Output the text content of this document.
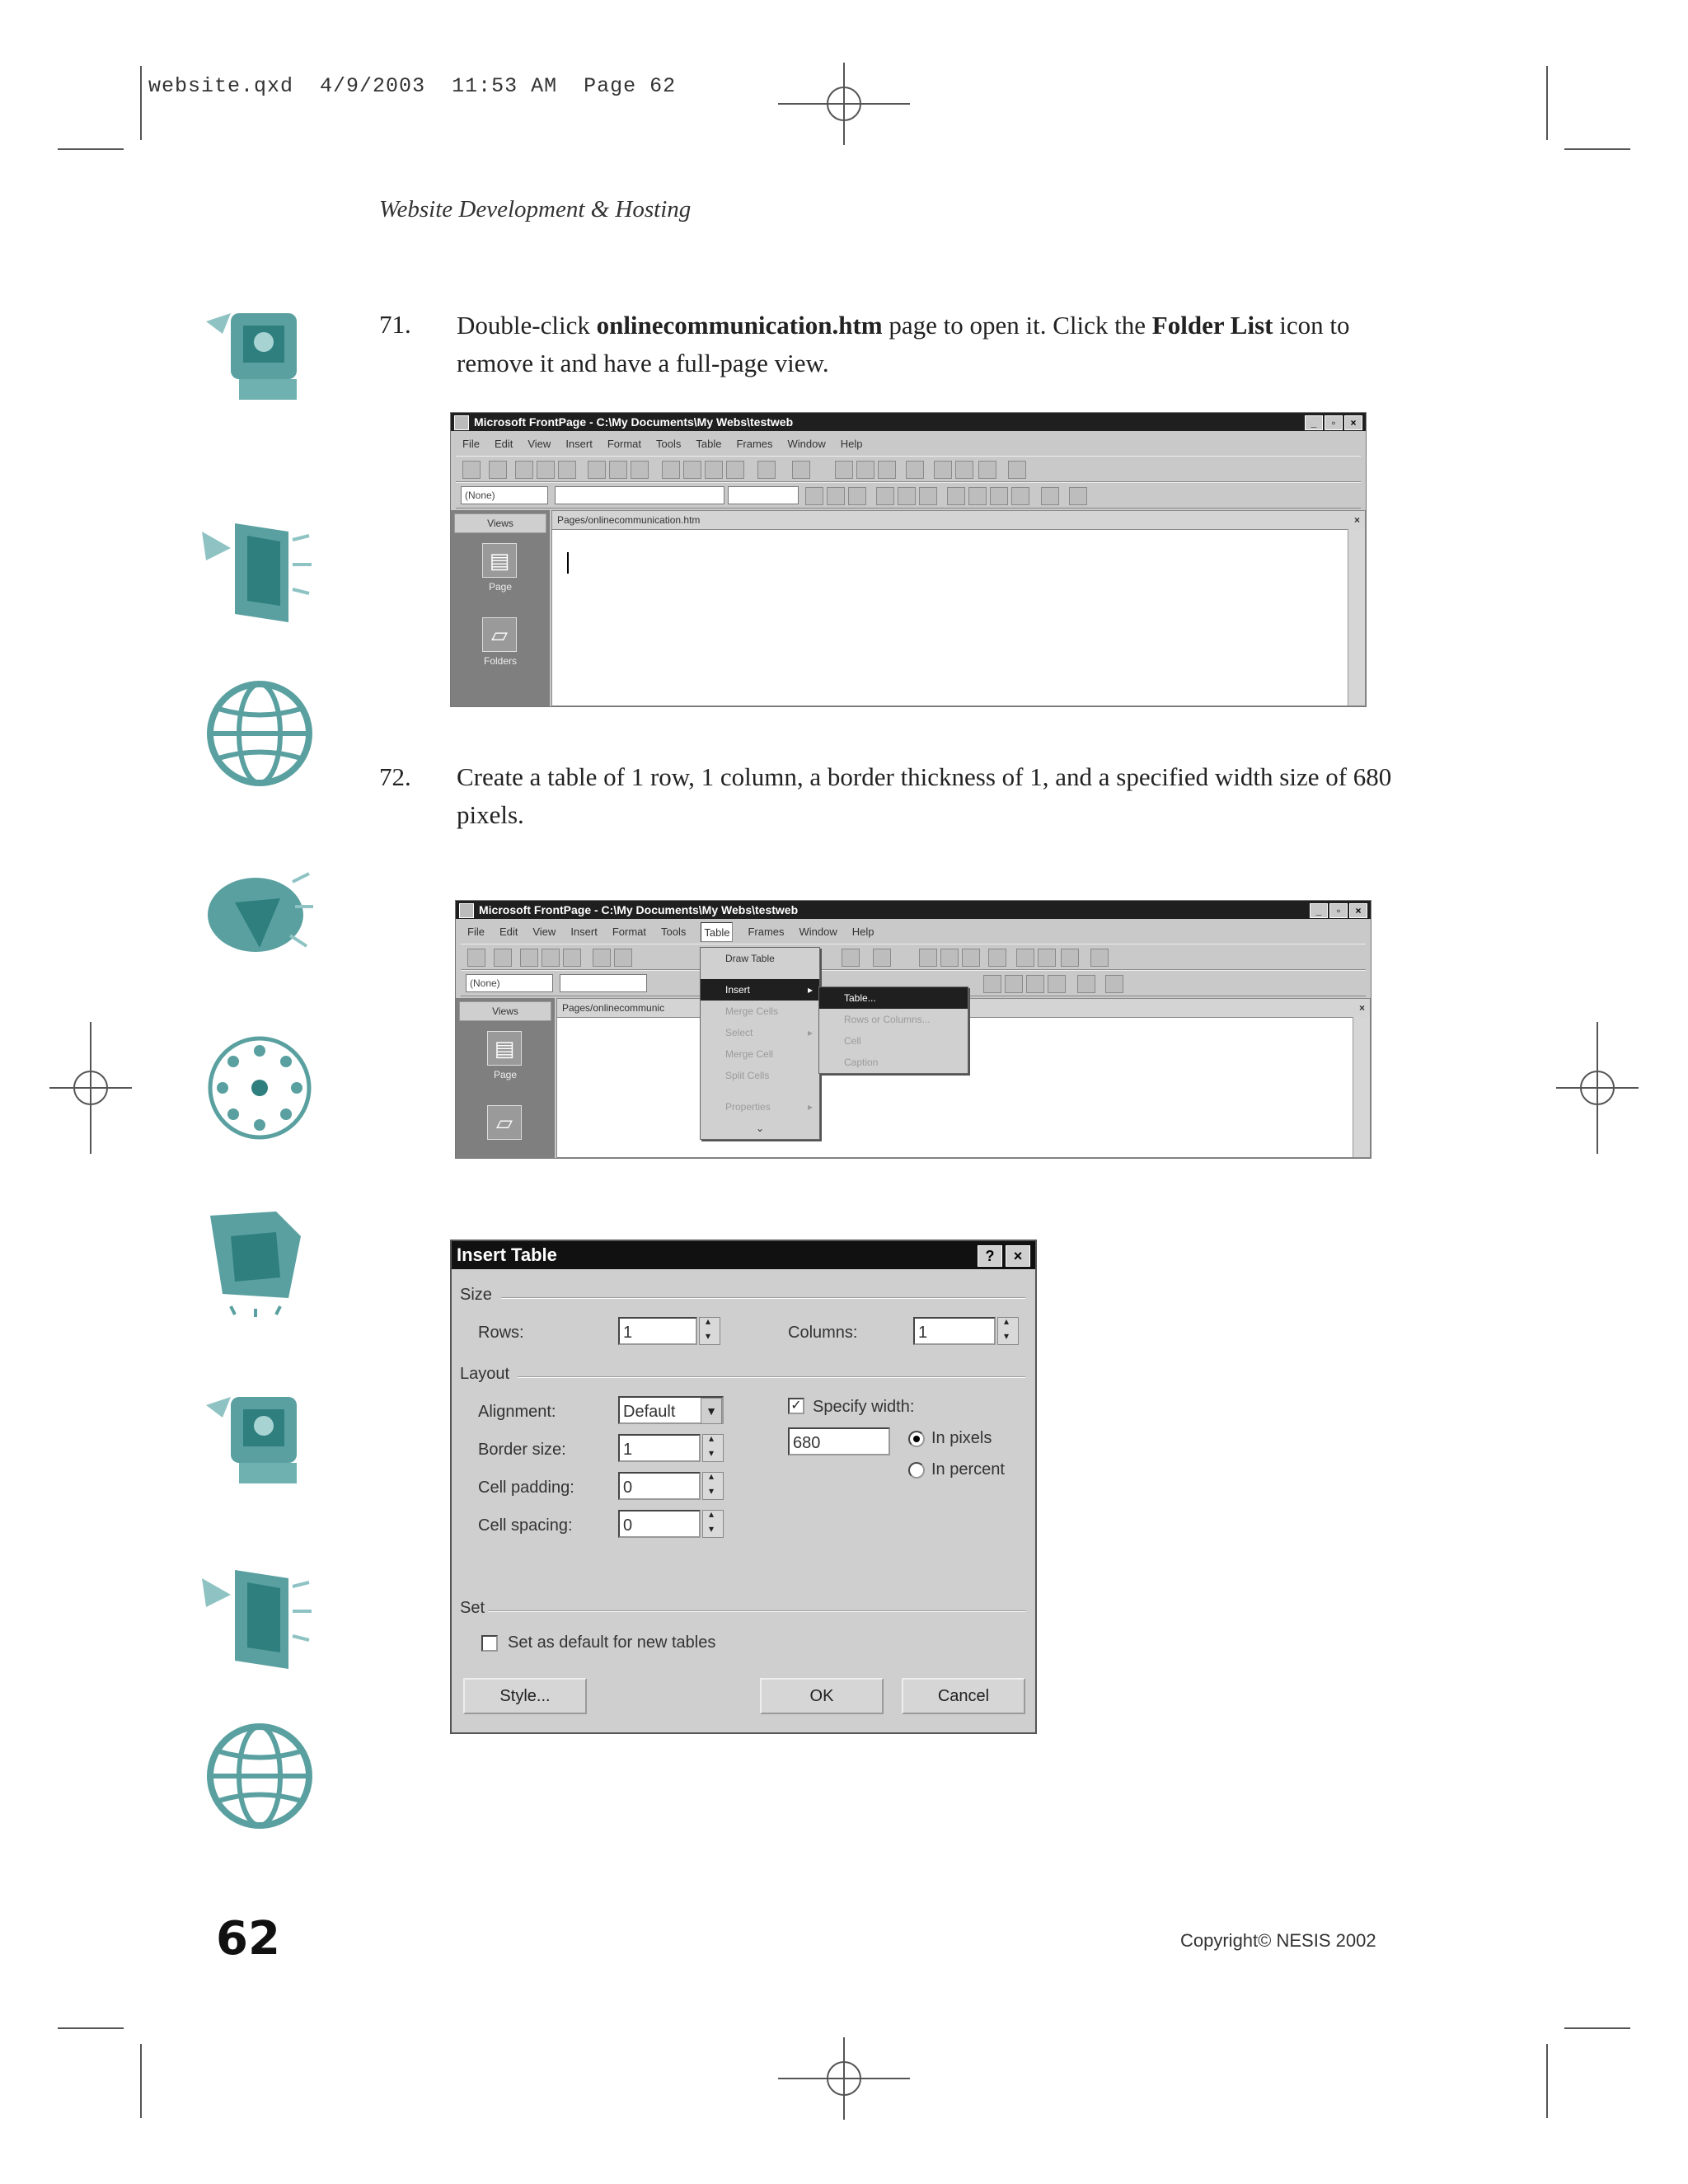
website.qxd 4/9/2003 11:53 AM Page 62
Website Development & Hosting
71. Double-click onlinecommunication.htm page to open it. Click the Folder List icon to
remove it and have a full-page view.
Microsoft FrontPage - C:\My Documents\My Webs\testweb	_	▫	×
File Edit View Insert Format Tools Table Frames Window Help
(None)
Views
▤
Page
▱
Folders
Pages/onlinecommunication.htm	×
72. Create a table of 1 row, 1 column, a border thickness of 1, and a specified width size of 680
pixels.
Microsoft FrontPage - C:\My Documents\My Webs\testweb	_	▫	×
File Edit View Insert Format Tools	Table	Frames Window Help
(None)
Views
▤
Page
▱
Pages/onlinecommunic	×
Draw Table
Insert	▸
Merge Cells
Select	▸
Merge Cell
Split Cells
Properties	▸
⌄
Table...
Rows or Columns...
Cell
Caption
Insert Table	?	×
Size
Rows:	1 ▴ ▾	Columns:	1
▴ ▾
Layout
Alignment:	Default	▼
Border size:	1
▴ ▾
Cell padding:	0
▴ ▾
Cell spacing:	0
▴ ▾
✓ Specify width:
680	In pixels
In percent
Set
Set as default for new tables
Style...	OK	Cancel
62	Copyright© NESIS 2002
